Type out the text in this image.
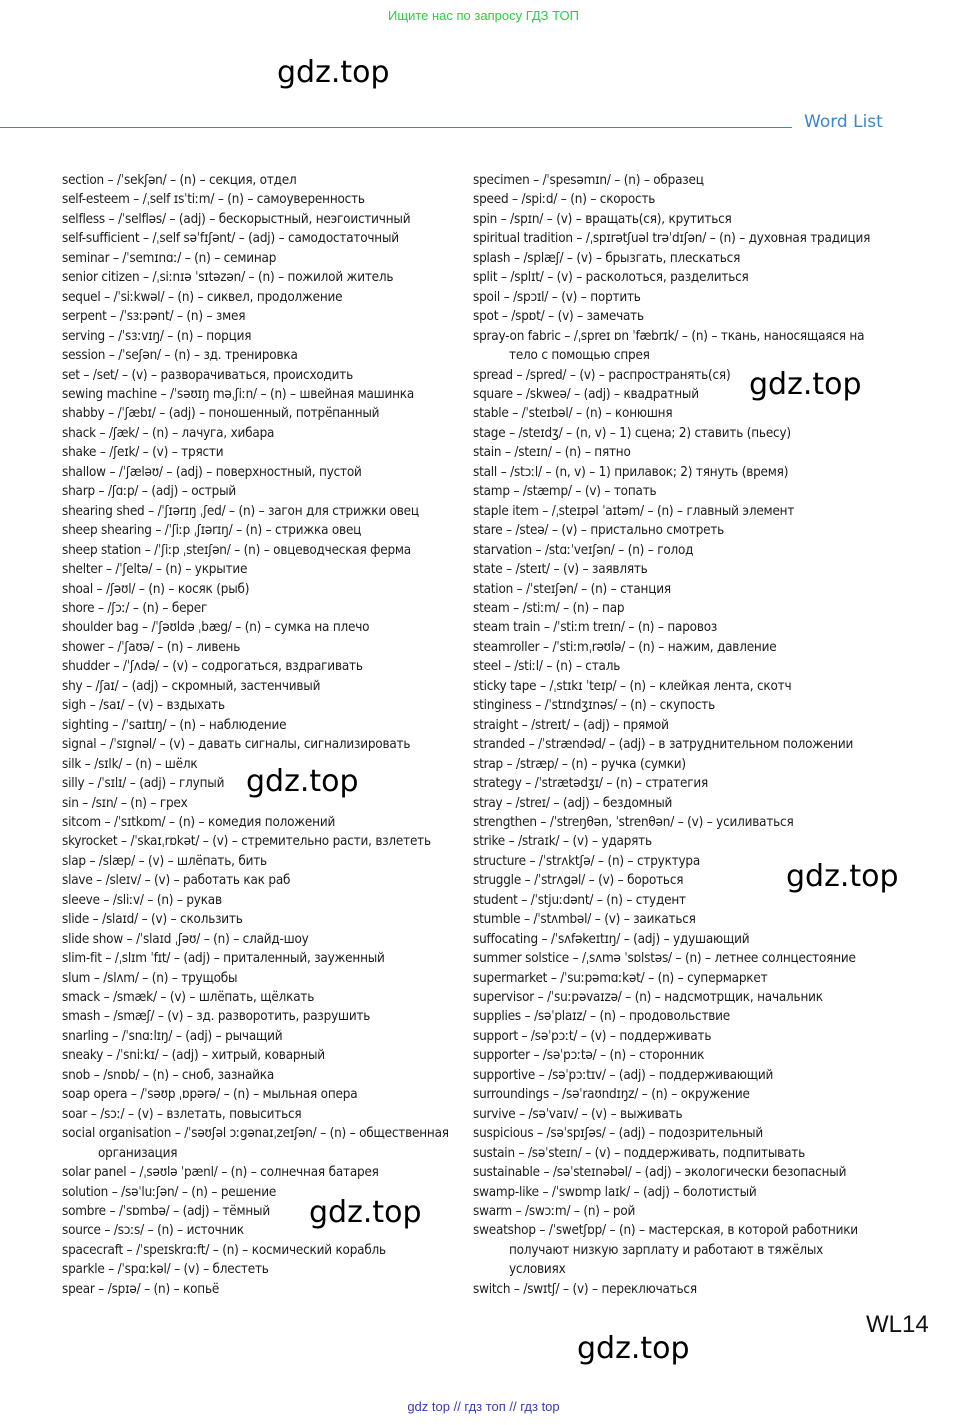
Ищите нас по запросу ГДЗ ТОП
gdz.top
gdz.top
gdz.top
gdz.top
gdz.top
gdz.top
Word List
section – /ˈsekʃən/ – (n) – секция, отдел
self-esteem – /ˌself ɪsˈtiːm/ – (n) – самоуверенность
selfless – /ˈselfləs/ – (adj) – бескорыстный, неэгоистичный
self-sufficient – /ˌself səˈfɪʃənt/ – (adj) – самодостаточный
seminar – /ˈsemɪnɑː/ – (n) – семинар
senior citizen – /ˌsiːnɪə ˈsɪtəzən/ – (n) – пожилой житель
sequel – /ˈsiːkwəl/ – (n) – сиквел, продолжение
serpent – /ˈsɜːpənt/ – (n) – змея
serving – /ˈsɜːvɪŋ/ – (n) – порция
session – /ˈseʃən/ – (n) – зд. тренировка
set – /set/ – (v) – разворачиваться, происходить
sewing machine – /ˈsəʊɪŋ məˌʃiːn/ – (n) – швейная машинка
shabby – /ˈʃæbɪ/ – (adj) – поношенный, потрёпанный
shack – /ʃæk/ – (n) – лачуга, хибара
shake – /ʃeɪk/ – (v) – трясти
shallow – /ˈʃæləʊ/ – (adj) – поверхностный, пустой
sharp – /ʃɑːp/ – (adj) – острый
shearing shed – /ˈʃɪərɪŋ ˌʃed/ – (n) – загон для стрижки овец
sheep shearing – /ˈʃiːp ˌʃɪərɪŋ/ – (n) – стрижка овец
sheep station – /ˈʃiːp ˌsteɪʃən/ – (n) – овцеводческая ферма
shelter – /ˈʃeltə/ – (n) – укрытие
shoal – /ʃəʊl/ – (n) – косяк (рыб)
shore – /ʃɔː/ – (n) – берег
shoulder bag – /ˈʃəʊldə ˌbæg/ – (n) – сумка на плечо
shower – /ˈʃaʊə/ – (n) – ливень
shudder – /ˈʃʌdə/ – (v) – содрогаться, вздрагивать
shy – /ʃaɪ/ – (adj) – скромный, застенчивый
sigh – /saɪ/ – (v) – вздыхать
sighting – /ˈsaɪtɪŋ/ – (n) – наблюдение
signal – /ˈsɪgnəl/ – (v) – давать сигналы, сигнализировать
silk – /sɪlk/ – (n) – шёлк
silly – /ˈsɪlɪ/ – (adj) – глупый
sin – /sɪn/ – (n) – грех
sitcom – /ˈsɪtkɒm/ – (n) – комедия положений
skyrocket – /ˈskaɪˌrɒkət/ – (v) – стремительно расти, взлететь
slap – /slæp/ – (v) – шлёпать, бить
slave – /sleɪv/ – (v) – работать как раб
sleeve – /sliːv/ – (n) – рукав
slide – /slaɪd/ – (v) – скользить
slide show – /ˈslaɪd ˌʃəʊ/ – (n) – слайд-шоу
slim-fit – /ˌslɪm ˈfɪt/ – (adj) – приталенный, зауженный
slum – /slʌm/ – (n) – трущобы
smack – /smæk/ – (v) – шлёпать, щёлкать
smash – /smæʃ/ – (v) – зд. разворотить, разрушить
snarling – /ˈsnɑːlɪŋ/ – (adj) – рычащий
sneaky – /ˈsniːkɪ/ – (adj) – хитрый, коварный
snob – /snɒb/ – (n) – сноб, зазнайка
soap opera – /ˈsəʊp ˌɒpərə/ – (n) – мыльная опера
soar – /sɔː/ – (v) – взлетать, повыситься
social organisation – /ˈsəʊʃəl ɔːgənaɪˌzeɪʃən/ – (n) – общественная организация
solar panel – /ˌsəʊlə ˈpænl/ – (n) – солнечная батарея
solution – /səˈluːʃən/ – (n) – решение
sombre – /ˈsɒmbə/ – (adj) – тёмный
source – /sɔːs/ – (n) – источник
spacecraft – /ˈspeɪskrɑːft/ – (n) – космический корабль
sparkle – /ˈspɑːkəl/ – (v) – блестеть
spear – /spɪə/ – (n) – копьё
specimen – /ˈspesəmɪn/ – (n) – образец
speed – /spiːd/ – (n) – скорость
spin – /spɪn/ – (v) – вращать(ся), крутиться
spiritual tradition – /ˌspɪrətʃuəl trəˈdɪʃən/ – (n) – духовная традиция
splash – /splæʃ/ – (v) – брызгать, плескаться
split – /splɪt/ – (v) – расколоться, разделиться
spoil – /spɔɪl/ – (v) – портить
spot – /spɒt/ – (v) – замечать
spray-on fabric – /ˌspreɪ ɒn ˈfæbrɪk/ – (n) – ткань, наносящаяся на тело с помощью спрея
spread – /spred/ – (v) – распространять(ся)
square – /skweə/ – (adj) – квадратный
stable – /ˈsteɪbəl/ – (n) – конюшня
stage – /steɪdʒ/ – (n, v) – 1) сцена; 2) ставить (пьесу)
stain – /steɪn/ – (n) – пятно
stall – /stɔːl/ – (n, v) – 1) прилавок; 2) тянуть (время)
stamp – /stæmp/ – (v) – топать
staple item – /ˌsteɪpəl ˈaɪtəm/ – (n) – главный элемент
stare – /steə/ – (v) – пристально смотреть
starvation – /stɑːˈveɪʃən/ – (n) – голод
state – /steɪt/ – (v) – заявлять
station – /ˈsteɪʃən/ – (n) – станция
steam – /stiːm/ – (n) – пар
steam train – /ˈstiːm treɪn/ – (n) – паровоз
steamroller – /ˈstiːmˌrəʊlə/ – (n) – нажим, давление
steel – /stiːl/ – (n) – сталь
sticky tape – /ˌstɪkɪ ˈteɪp/ – (n) – клейкая лента, скотч
stinginess – /ˈstɪndʒɪnəs/ – (n) – скупость
straight – /streɪt/ – (adj) – прямой
stranded – /ˈstrændəd/ – (adj) – в затруднительном положении
strap – /stræp/ – (n) – ручка (сумки)
strategy – /ˈstrætədʒɪ/ – (n) – стратегия
stray – /streɪ/ – (adj) – бездомный
strengthen – /ˈstreŋθən, ˈstrenθən/ – (v) – усиливаться
strike – /straɪk/ – (v) – ударять
structure – /ˈstrʌktʃə/ – (n) – структура
struggle – /ˈstrʌgəl/ – (v) – бороться
student – /ˈstjuːdənt/ – (n) – студент
stumble – /ˈstʌmbəl/ – (v) – заикаться
suffocating – /ˈsʌfəkeɪtɪŋ/ – (adj) – удушающий
summer solstice – /ˌsʌmə ˈsɒlstəs/ – (n) – летнее солнцестояние
supermarket – /ˈsuːpəmɑːkət/ – (n) – супермаркет
supervisor – /ˈsuːpəvaɪzə/ – (n) – надсмотрщик, начальник
supplies – /səˈplaɪz/ – (n) – продовольствие
support – /səˈpɔːt/ – (v) – поддерживать
supporter – /səˈpɔːtə/ – (n) – сторонник
supportive – /səˈpɔːtɪv/ – (adj) – поддерживающий
surroundings – /səˈraʊndɪŋz/ – (n) – окружение
survive – /səˈvaɪv/ – (v) – выживать
suspicious – /səˈspɪʃəs/ – (adj) – подозрительный
sustain – /səˈsteɪn/ – (v) – поддерживать, подпитывать
sustainable – /səˈsteɪnəbəl/ – (adj) – экологически безопасный
swamp-like – /ˈswɒmp laɪk/ – (adj) – болотистый
swarm – /swɔːm/ – (n) – рой
sweatshop – /ˈswetʃɒp/ – (n) – мастерская, в которой работники получают низкую зарплату и работают в тяжёлых условиях
switch – /swɪtʃ/ – (v) – переключаться
WL14
gdz top // гдз топ // гдз top
